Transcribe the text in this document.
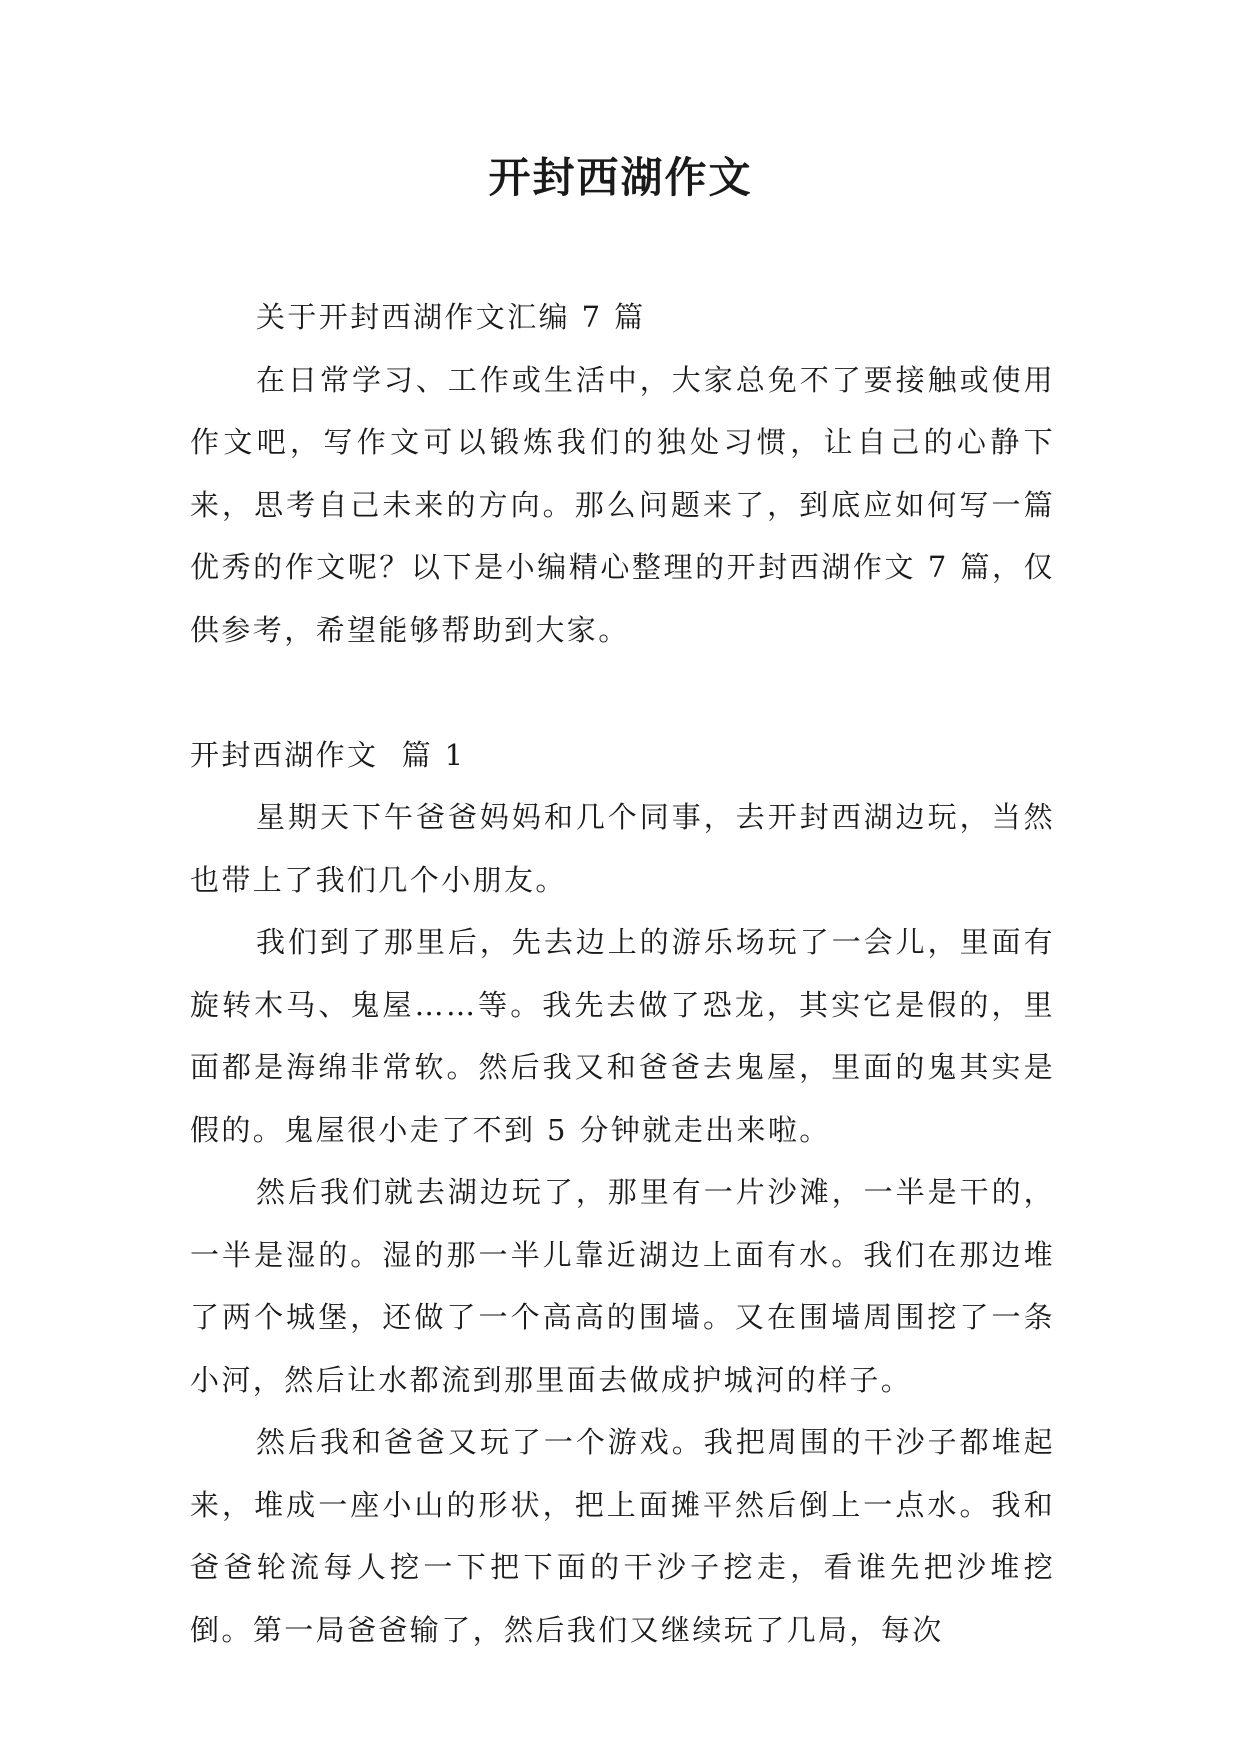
开封西湖作文

关于开封西湖作文汇编 7 篇

在日常学习、工作或生活中，大家总免不了要接触或使用作文吧，写作文可以锻炼我们的独处习惯，让自己的心静下来，思考自己未来的方向。那么问题来了，到底应如何写一篇优秀的作文呢？以下是小编精心整理的开封西湖作文 7 篇，仅供参考，希望能够帮助到大家。

开封西湖作文  篇 1

星期天下午爸爸妈妈和几个同事，去开封西湖边玩，当然也带上了我们几个小朋友。

我们到了那里后，先去边上的游乐场玩了一会儿，里面有旋转木马、鬼屋……等。我先去做了恐龙，其实它是假的，里面都是海绵非常软。然后我又和爸爸去鬼屋，里面的鬼其实是假的。鬼屋很小走了不到 5 分钟就走出来啦。

然后我们就去湖边玩了，那里有一片沙滩，一半是干的，一半是湿的。湿的那一半儿靠近湖边上面有水。我们在那边堆了两个城堡，还做了一个高高的围墙。又在围墙周围挖了一条小河，然后让水都流到那里面去做成护城河的样子。

然后我和爸爸又玩了一个游戏。我把周围的干沙子都堆起来，堆成一座小山的形状，把上面摊平然后倒上一点水。我和爸爸轮流每人挖一下把下面的干沙子挖走，看谁先把沙堆挖倒。第一局爸爸输了，然后我们又继续玩了几局，每次
